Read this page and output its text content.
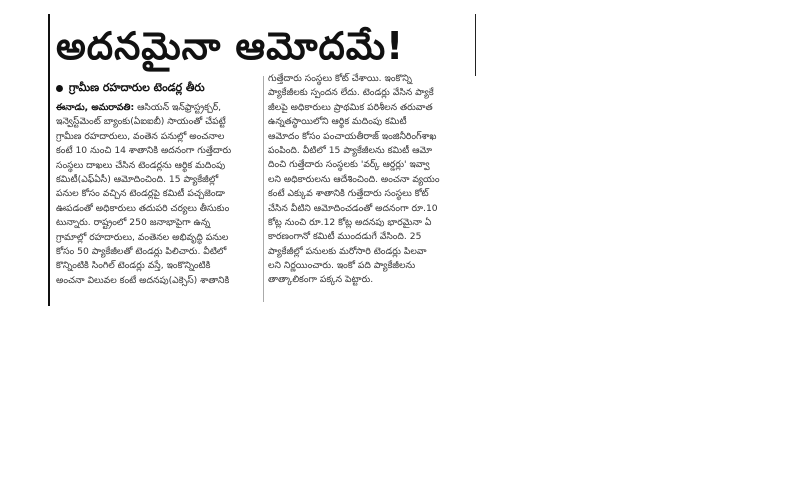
అదనమైనా ఆమోదమే!
గ్రామీణ రహదారుల టెండర్ల తీరు
ఈనాడు, అమరావతి: ఆసియన్ ఇన్‌ఫ్రాస్ట్రక్చర్,
ఇన్వెస్ట్‌మెంట్ బ్యాంకు(ఏఐఐబీ) సాయంతో చేపట్టే
గ్రామీణ రహదారులు, వంతెన పనుల్లో అంచనాల
కంటే 10 నుంచి 14 శాతానికి అదనంగా గుత్తేదారు
సంస్థలు దాఖలు చేసిన టెండర్లను ఆర్థిక మదింపు
కమిటీ(ఎఫ్‌ఏసీ) ఆమోదించింది. 15 ప్యాకేజీల్లో
పనుల కోసం వచ్చిన టెండర్లపై కమిటీ పచ్చజెండా
ఊపడంతో అధికారులు తదుపరి చర్యలు తీసుకుం
టున్నారు. రాష్ట్రంలో 250 జనాభాపైగా ఉన్న
గ్రామాల్లో రహదారులు, వంతెనల అభివృద్ధి పనుల
కోసం 50 ప్యాకేజీలతో టెండర్లు పిలిచారు. వీటిలో
కొన్నింటికి సింగిల్ టెండర్లు వస్తే, ఇంకొన్నింటికి
అంచనా విలువల కంటే అదనపు(ఎక్సెస్) శాతానికి
గుత్తేదారు సంస్థలు కోట్ చేశాయి. ఇంకొన్ని
ప్యాకేజీలకు స్పందన లేదు. టెండర్లు వేసిన ప్యాకే
జీలపై అధికారులు ప్రాథమిక పరిశీలన తరువాత
ఉన్నతస్థాయిలోని ఆర్థిక మదింపు కమిటీ
ఆమోదం కోసం పంచాయతీరాజ్ ఇంజినీరింగ్‌శాఖ
పంపింది. వీటిలో 15 ప్యాకేజీలను కమిటీ ఆమో
దించి గుత్తేదారు సంస్థలకు 'వర్క్ ఆర్డర్లు' ఇవ్వా
లని అధికారులను ఆదేశించింది. అంచనా వ్యయం
కంటే ఎక్కువ శాతానికి గుత్తేదారు సంస్థలు కోట్
చేసిన వీటిని ఆమోదించడంతో అదనంగా రూ.10
కోట్ల నుంచి రూ.12 కోట్ల అదనపు భారమైనా ఏ
కారణంగానో కమిటీ ముందడుగే వేసింది. 25
ప్యాకేజీల్లో పనులకు మరోసారి టెండర్లు పిలవా
లని నిర్ణయించారు. ఇంకో పది ప్యాకేజీలను
తాత్కాలికంగా పక్కన పెట్టారు.
